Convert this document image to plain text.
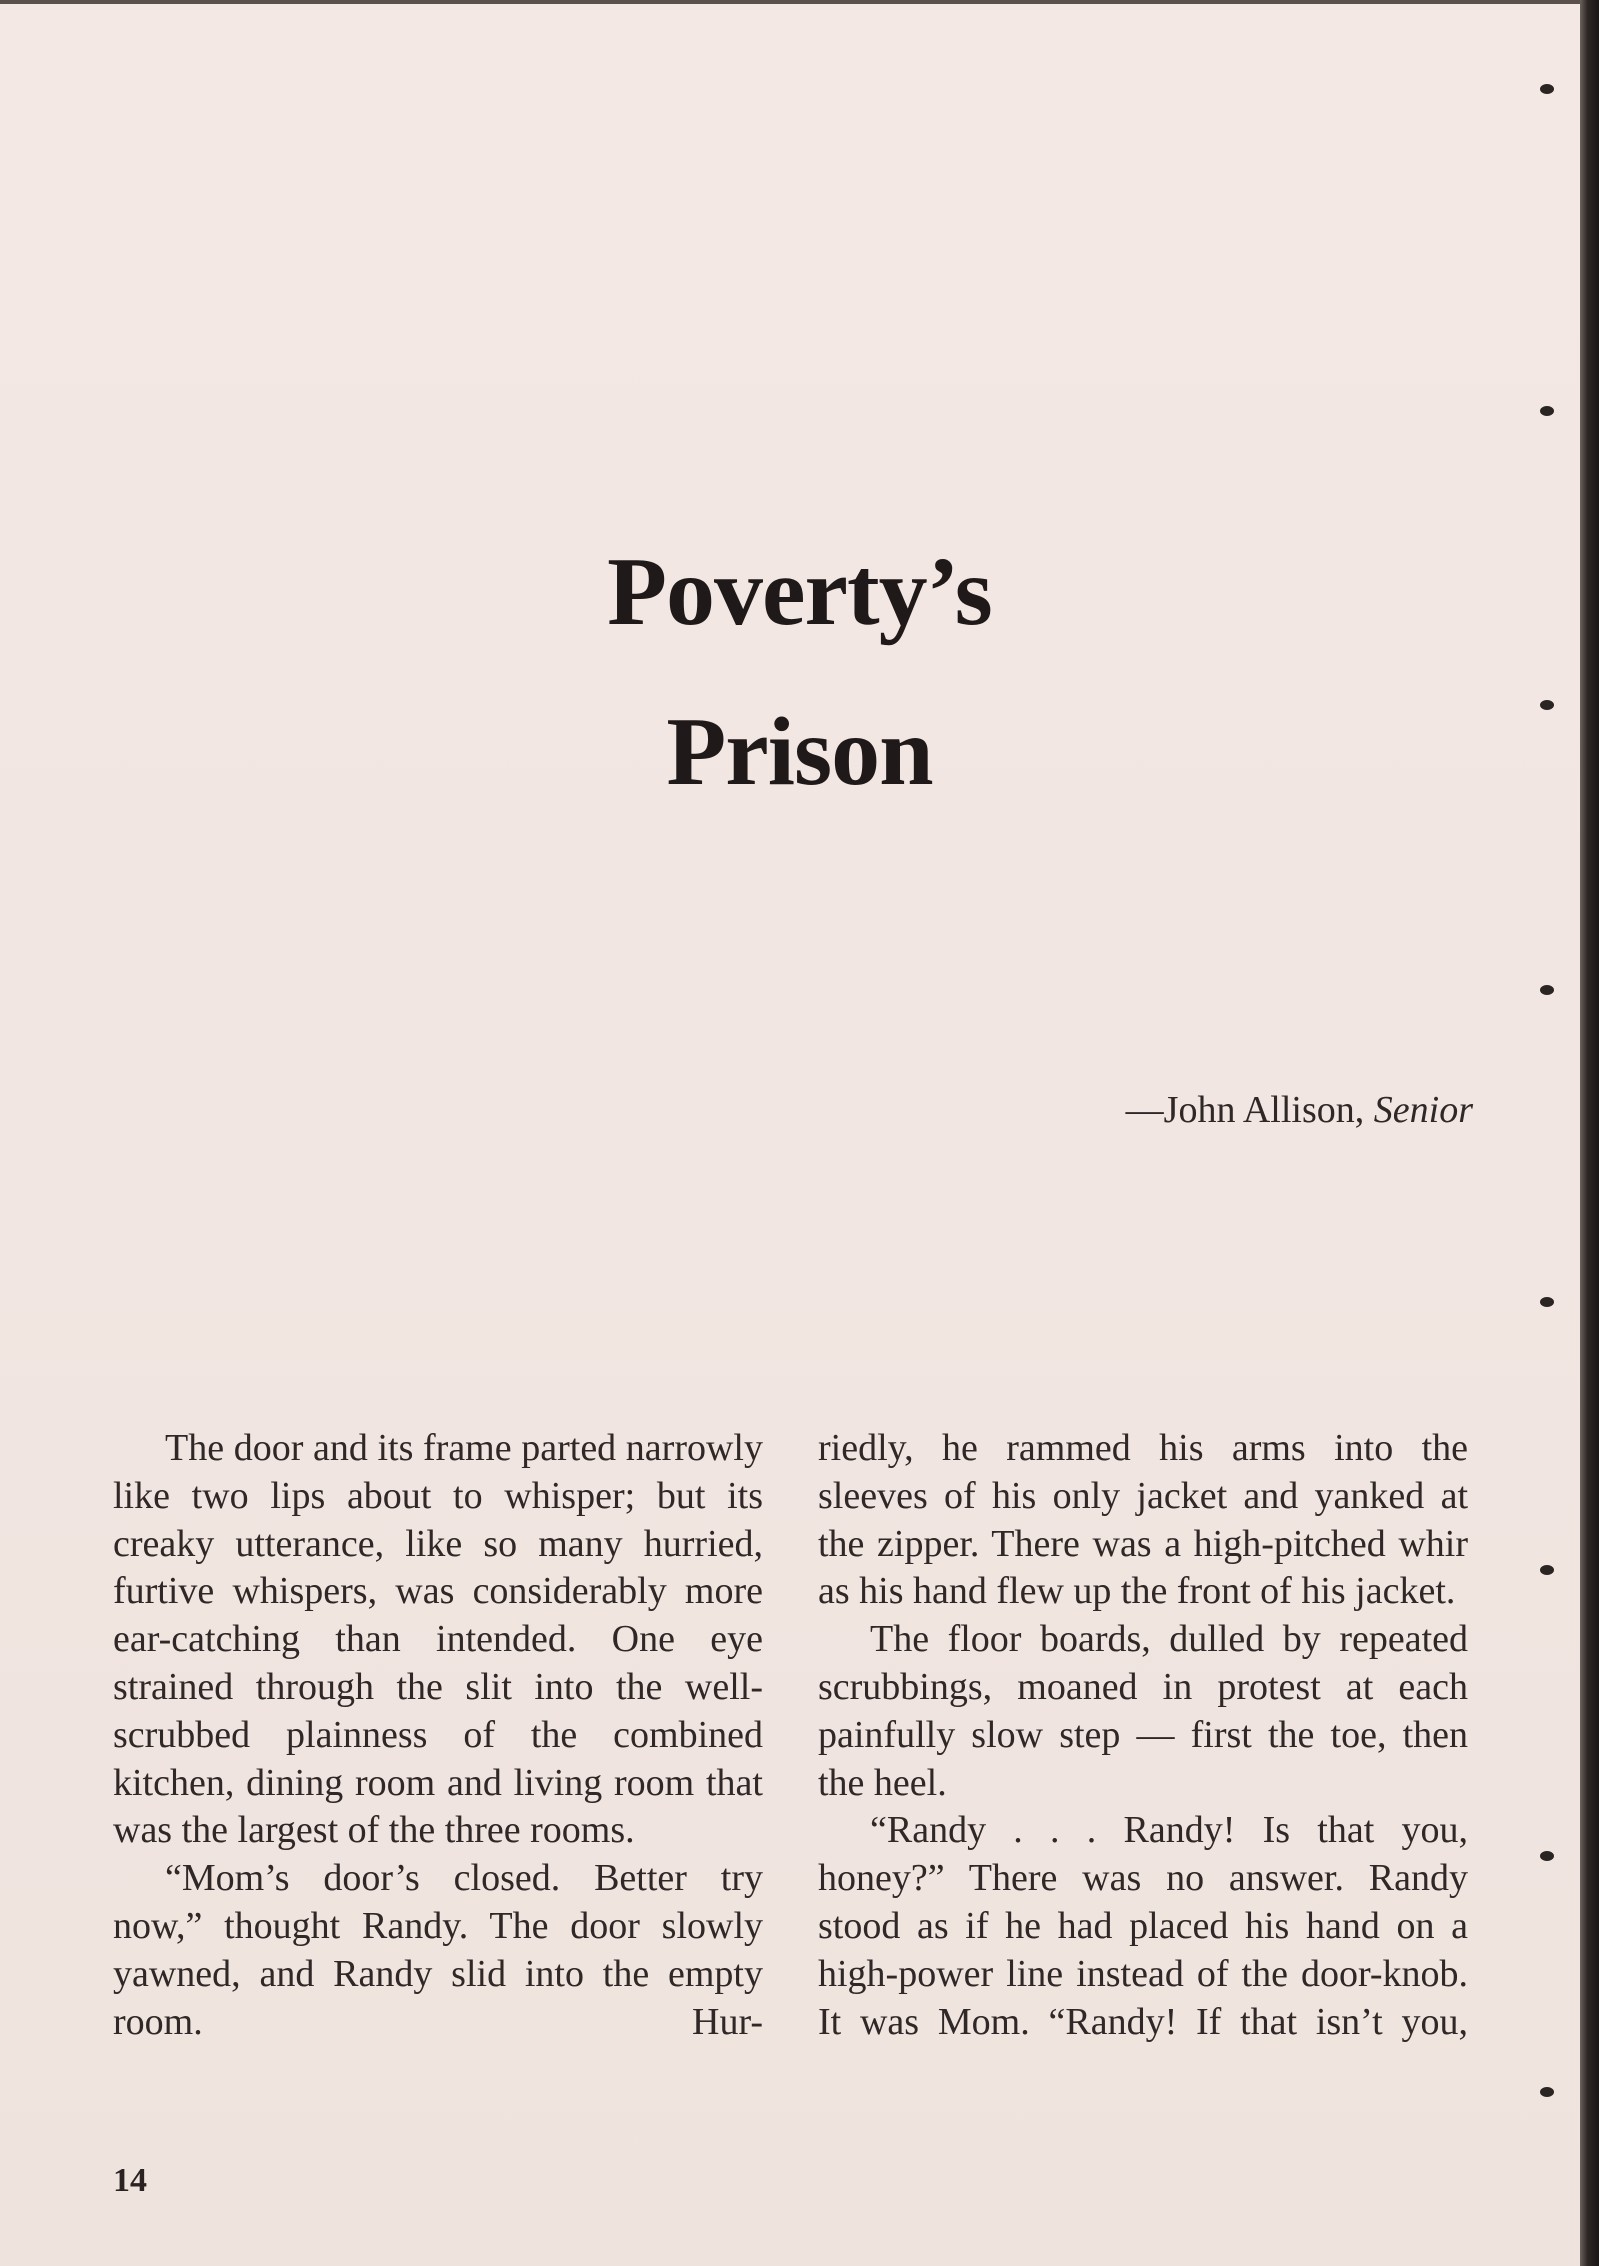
Poverty’s
Prison
—John Allison, Senior

The door and its frame parted narrowly like two lips about to whisper; but its creaky utterance, like so many hurried, furtive whispers, was considerably more ear-catching than intended. One eye strained through the slit into the well-scrubbed plainness of the combined kitchen, dining room and living room that was the largest of the three rooms.

“Mom’s door’s closed. Better try now,” thought Randy. The door slowly yawned, and Randy slid into the empty room. Hur-

riedly, he rammed his arms into the sleeves of his only jacket and yanked at the zipper. There was a high-pitched whir as his hand flew up the front of his jacket.

The floor boards, dulled by repeated scrubbings, moaned in protest at each painfully slow step — first the toe, then the heel.

“Randy . . . Randy! Is that you, honey?” There was no answer. Randy stood as if he had placed his hand on a high-power line instead of the door-knob. It was Mom. “Randy! If that isn’t you,

14
